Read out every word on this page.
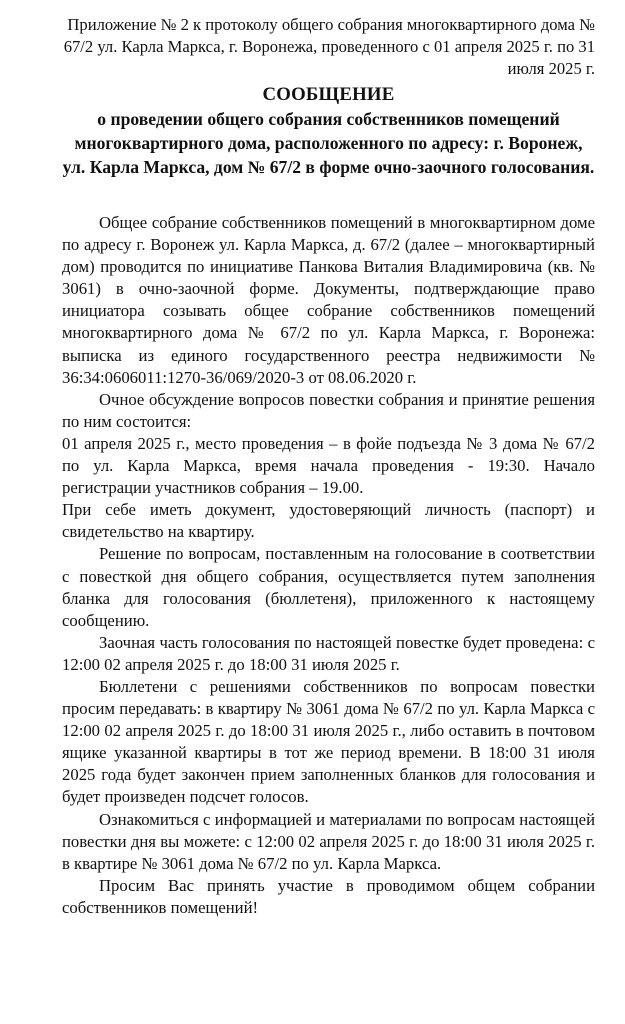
Приложение № 2 к протоколу общего собрания многоквартирного дома № 67/2 ул. Карла Маркса, г. Воронежа, проведенного с 01 апреля 2025 г. по 31 июля 2025 г.
СООБЩЕНИЕ
о проведении общего собрания собственников помещений многоквартирного дома, расположенного по адресу: г. Воронеж, ул. Карла Маркса, дом № 67/2 в форме очно-заочного голосования.

Общее собрание собственников помещений в многоквартирном доме по адресу г. Воронеж ул. Карла Маркса, д. 67/2 (далее – многоквартирный дом) проводится по инициативе Панкова Виталия Владимировича (кв. № 3061) в очно-заочной форме. Документы, подтверждающие право инициатора созывать общее собрание собственников помещений многоквартирного дома № 67/2 по ул. Карла Маркса, г. Воронежа: выписка из единого государственного реестра недвижимости № 36:34:0606011:1270-36/069/2020-3 от 08.06.2020 г.

Очное обсуждение вопросов повестки собрания и принятие решения по ним состоится:

01 апреля 2025 г., место проведения – в фойе подъезда № 3 дома № 67/2 по ул. Карла Маркса, время начала проведения - 19:30. Начало регистрации участников собрания – 19.00.

При себе иметь документ, удостоверяющий личность (паспорт) и свидетельство на квартиру.

Решение по вопросам, поставленным на голосование в соответствии с повесткой дня общего собрания, осуществляется путем заполнения бланка для голосования (бюллетеня), приложенного к настоящему сообщению.

Заочная часть голосования по настоящей повестке будет проведена: с 12:00 02 апреля 2025 г. до 18:00 31 июля 2025 г.

Бюллетени с решениями собственников по вопросам повестки просим передавать: в квартиру № 3061 дома № 67/2 по ул. Карла Маркса с 12:00 02 апреля 2025 г. до 18:00 31 июля 2025 г., либо оставить в почтовом ящике указанной квартиры в тот же период времени. В 18:00 31 июля 2025 года будет закончен прием заполненных бланков для голосования и будет произведен подсчет голосов.

Ознакомиться с информацией и материалами по вопросам настоящей повестки дня вы можете: с 12:00 02 апреля 2025 г. до 18:00 31 июля 2025 г. в квартире № 3061 дома № 67/2 по ул. Карла Маркса.

Просим Вас принять участие в проводимом общем собрании собственников помещений!
